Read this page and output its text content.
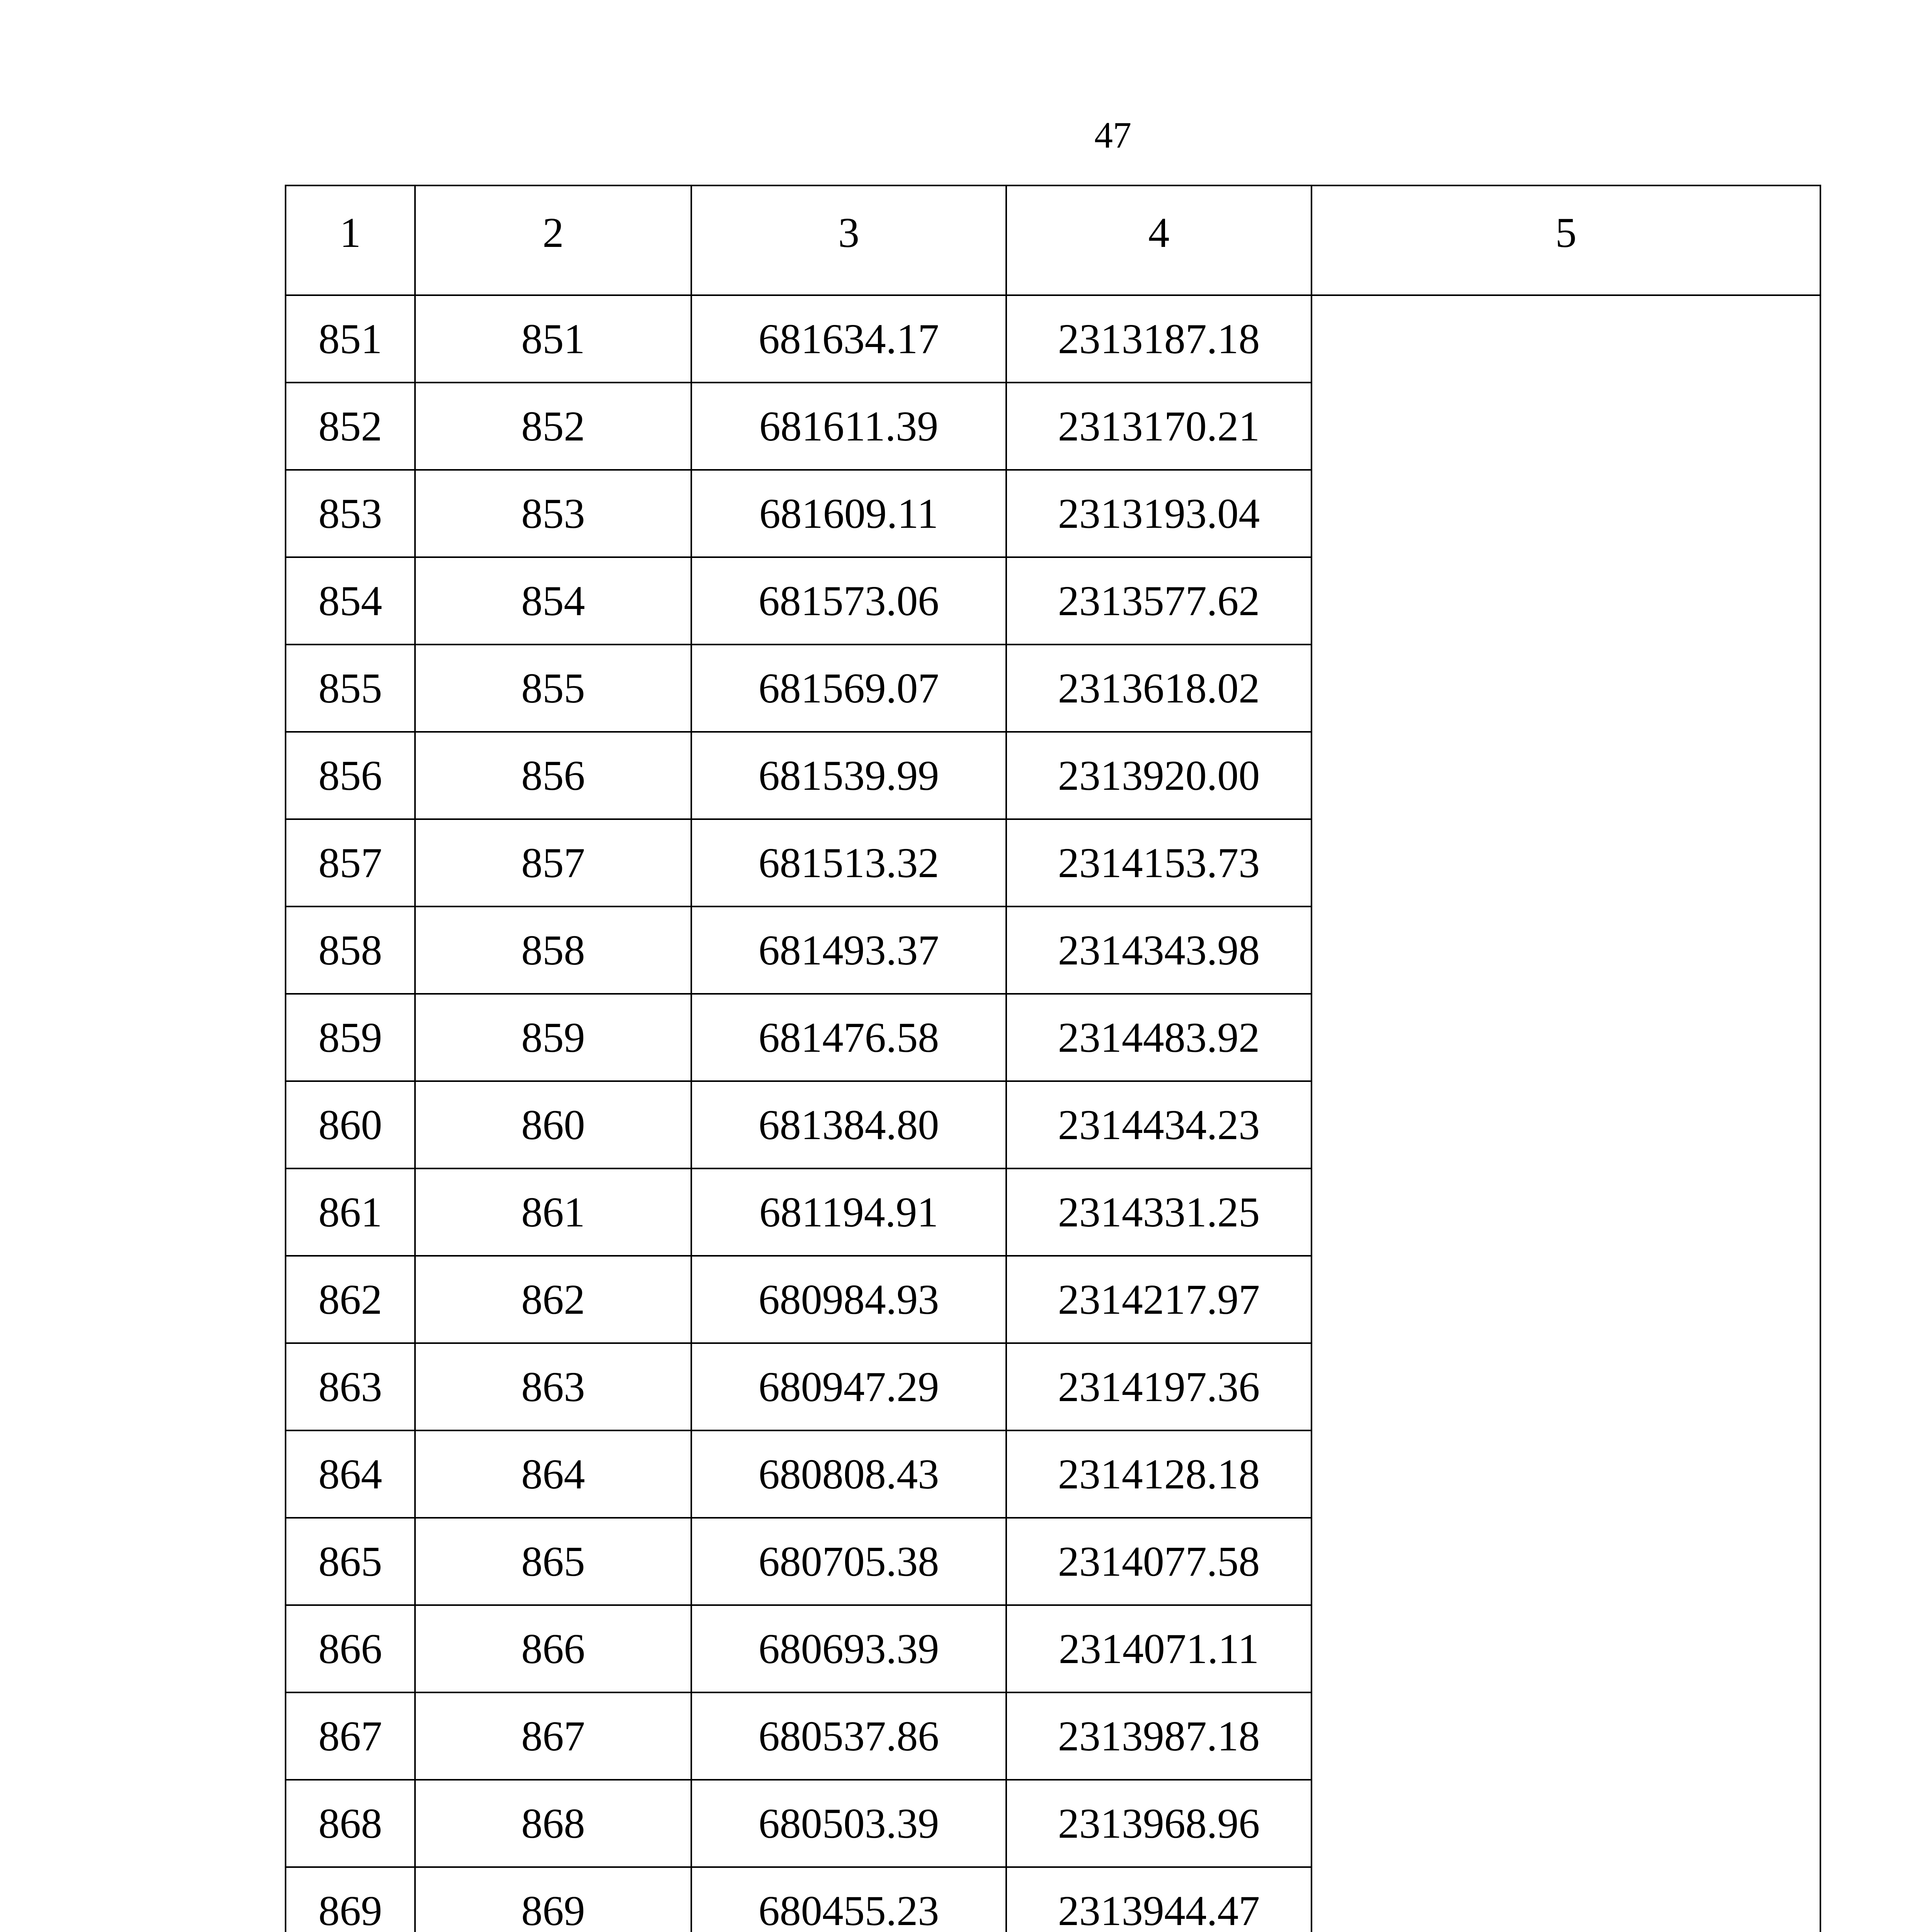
47
1	2	3	4	5
851	851	681634.17	2313187.18	
852	852	681611.39	2313170.21	
853	853	681609.11	2313193.04	
854	854	681573.06	2313577.62	
855	855	681569.07	2313618.02	
856	856	681539.99	2313920.00	
857	857	681513.32	2314153.73	
858	858	681493.37	2314343.98	
859	859	681476.58	2314483.92	
860	860	681384.80	2314434.23	
861	861	681194.91	2314331.25	
862	862	680984.93	2314217.97	
863	863	680947.29	2314197.36	
864	864	680808.43	2314128.18	
865	865	680705.38	2314077.58	
866	866	680693.39	2314071.11	
867	867	680537.86	2313987.18	
868	868	680503.39	2313968.96	
869	869	680455.23	2313944.47	
